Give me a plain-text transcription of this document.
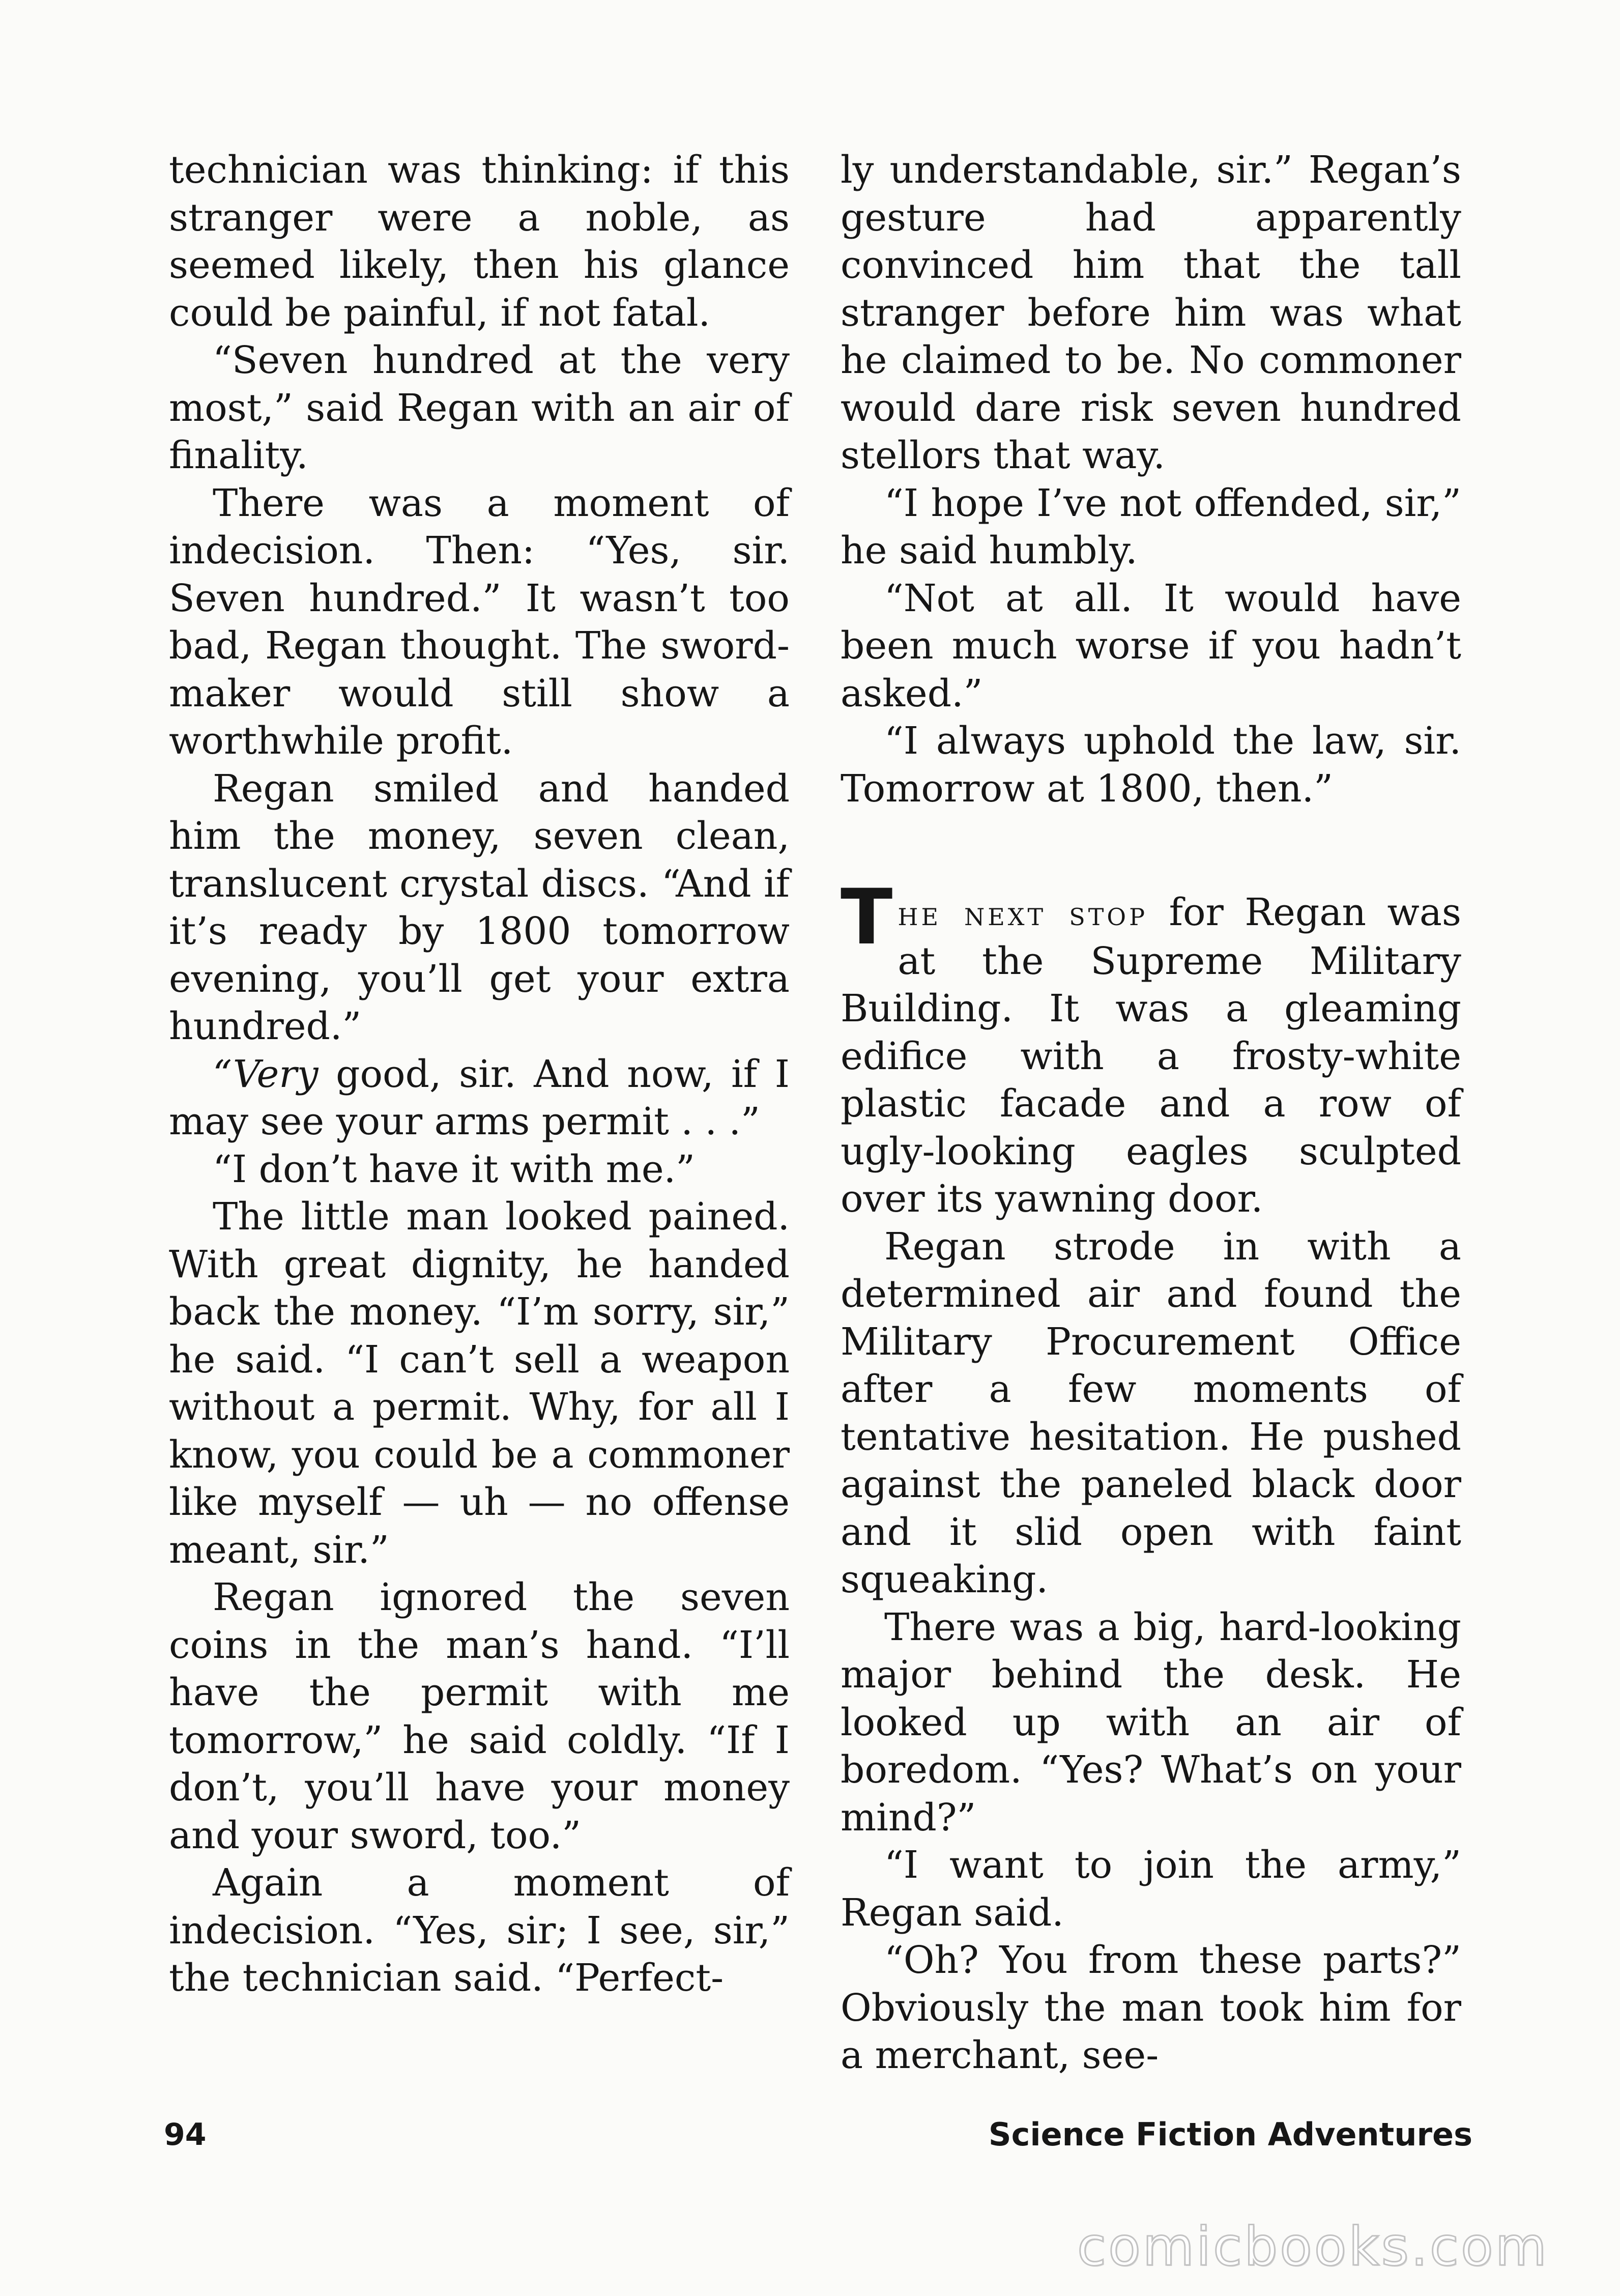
technician was thinking: if this stranger were a noble, as seemed likely, then his glance could be painful, if not fatal.

“Seven hundred at the very most,” said Regan with an air of finality.

There was a moment of indecision. Then: “Yes, sir. Seven hundred.” It wasn’t too bad, Regan thought. The sword-maker would still show a worthwhile profit.

Regan smiled and handed him the money, seven clean, translucent crystal discs. “And if it’s ready by 1800 tomorrow evening, you’ll get your extra hundred.”

“Very good, sir. And now, if I may see your arms permit . . .”

“I don’t have it with me.”

The little man looked pained. With great dignity, he handed back the money. “I’m sorry, sir,” he said. “I can’t sell a weapon without a permit. Why, for all I know, you could be a commoner like myself — uh — no offense meant, sir.”

Regan ignored the seven coins in the man’s hand. “I’ll have the permit with me tomorrow,” he said coldly. “If I don’t, you’ll have your money and your sword, too.”

Again a moment of indecision. “Yes, sir; I see, sir,” the technician said. “Perfect-

ly understandable, sir.” Regan’s gesture had apparently convinced him that the tall stranger before him was what he claimed to be. No commoner would dare risk seven hundred stellors that way.

“I hope I’ve not offended, sir,” he said humbly.

“Not at all. It would have been much worse if you hadn’t asked.”

“I always uphold the law, sir. Tomorrow at 1800, then.”

The next stop for Regan was at the Supreme Military Building. It was a gleaming edifice with a frosty-white plastic facade and a row of ugly-looking eagles sculpted over its yawning door.

Regan strode in with a determined air and found the Military Procurement Office after a few moments of tentative hesitation. He pushed against the paneled black door and it slid open with faint squeaking.

There was a big, hard-looking major behind the desk. He looked up with an air of boredom. “Yes? What’s on your mind?”

“I want to join the army,” Regan said.

“Oh? You from these parts?” Obviously the man took him for a merchant, see-

94	Science Fiction Adventures
comicbooks.com
